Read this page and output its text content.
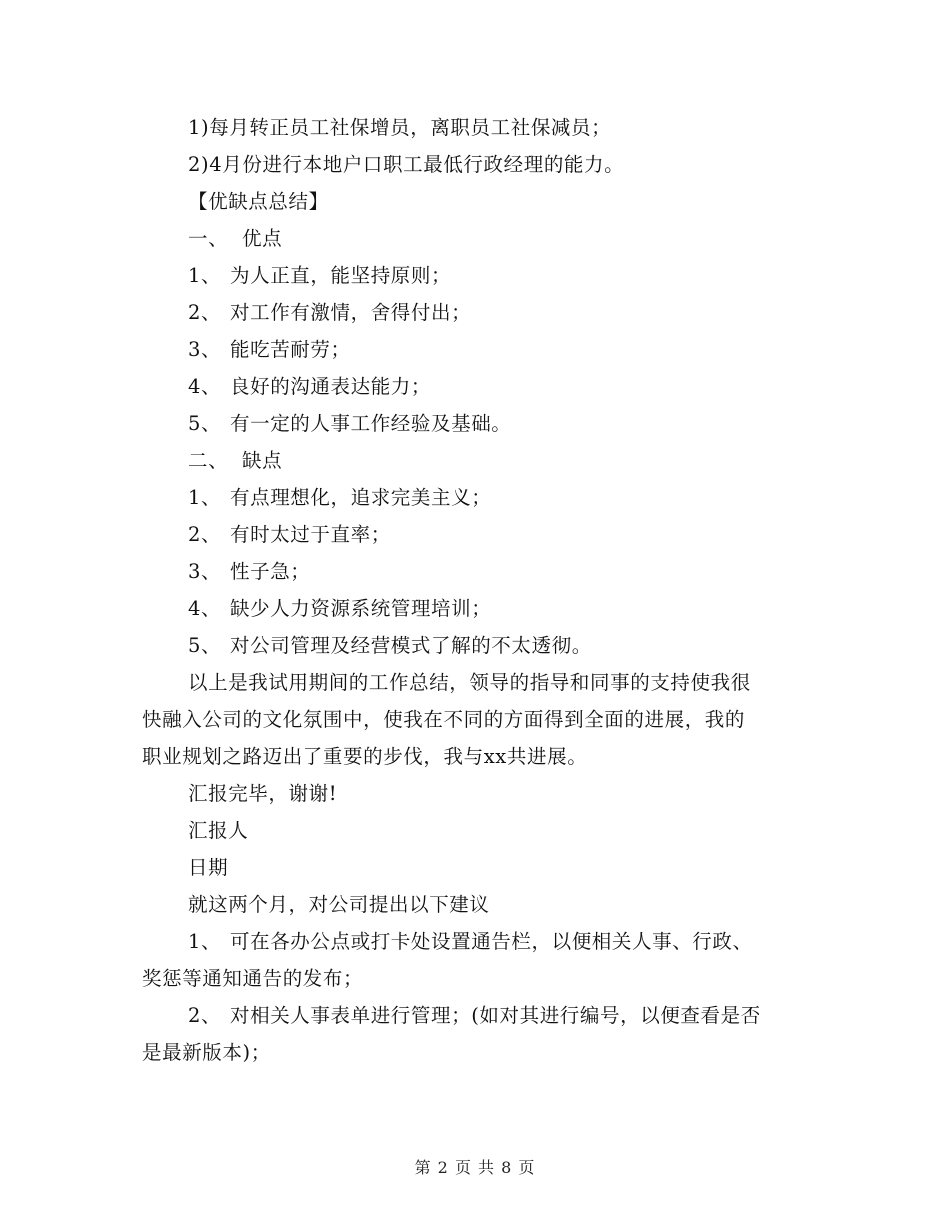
1)每月转正员工社保增员，离职员工社保减员；
2)4月份进行本地户口职工最低行政经理的能力。
【优缺点总结】
一、 优点
1、 为人正直，能坚持原则；
2、 对工作有激情，舍得付出；
3、 能吃苦耐劳；
4、 良好的沟通表达能力；
5、 有一定的人事工作经验及基础。
二、 缺点
1、 有点理想化，追求完美主义；
2、 有时太过于直率；
3、 性子急；
4、 缺少人力资源系统管理培训；
5、 对公司管理及经营模式了解的不太透彻。
以上是我试用期间的工作总结，领导的指导和同事的支持使我很
快融入公司的文化氛围中，使我在不同的方面得到全面的进展，我的
职业规划之路迈出了重要的步伐，我与xx共进展。
汇报完毕，谢谢!
汇报人
日期
就这两个月，对公司提出以下建议
1、 可在各办公点或打卡处设置通告栏，以便相关人事、行政、
奖惩等通知通告的发布；
2、 对相关人事表单进行管理；(如对其进行编号，以便查看是否
是最新版本)；
第 2 页 共 8 页
